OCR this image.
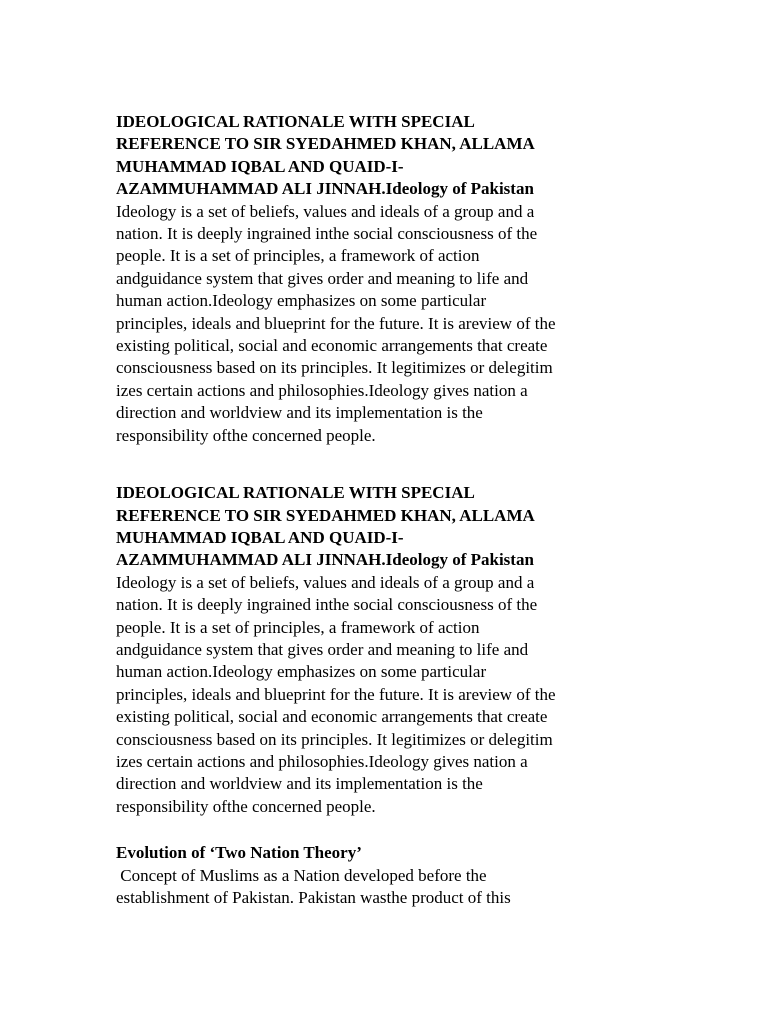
IDEOLOGICAL RATIONALE WITH SPECIAL
REFERENCE TO SIR SYEDAHMED KHAN, ALLAMA
MUHAMMAD IQBAL AND QUAID-I-
AZAMMUHAMMAD ALI JINNAH.Ideology of Pakistan
Ideology is a set of beliefs, values and ideals of a group and a
nation. It is deeply ingrained inthe social consciousness of the
people. It is a set of principles, a framework of action
andguidance system that gives order and meaning to life and
human action.Ideology emphasizes on some particular
principles, ideals and blueprint for the future. It is areview of the
existing political, social and economic arrangements that create
consciousness based on its principles. It legitimizes or delegitim
izes certain actions and philosophies.Ideology gives nation a
direction and worldview and its implementation is the
responsibility ofthe concerned people.
IDEOLOGICAL RATIONALE WITH SPECIAL
REFERENCE TO SIR SYEDAHMED KHAN, ALLAMA
MUHAMMAD IQBAL AND QUAID-I-
AZAMMUHAMMAD ALI JINNAH.Ideology of Pakistan
Ideology is a set of beliefs, values and ideals of a group and a
nation. It is deeply ingrained inthe social consciousness of the
people. It is a set of principles, a framework of action
andguidance system that gives order and meaning to life and
human action.Ideology emphasizes on some particular
principles, ideals and blueprint for the future. It is areview of the
existing political, social and economic arrangements that create
consciousness based on its principles. It legitimizes or delegitim
izes certain actions and philosophies.Ideology gives nation a
direction and worldview and its implementation is the
responsibility ofthe concerned people.
Evolution of ‘Two Nation Theory’
Concept of Muslims as a Nation developed before the
establishment of Pakistan. Pakistan wasthe product of this
